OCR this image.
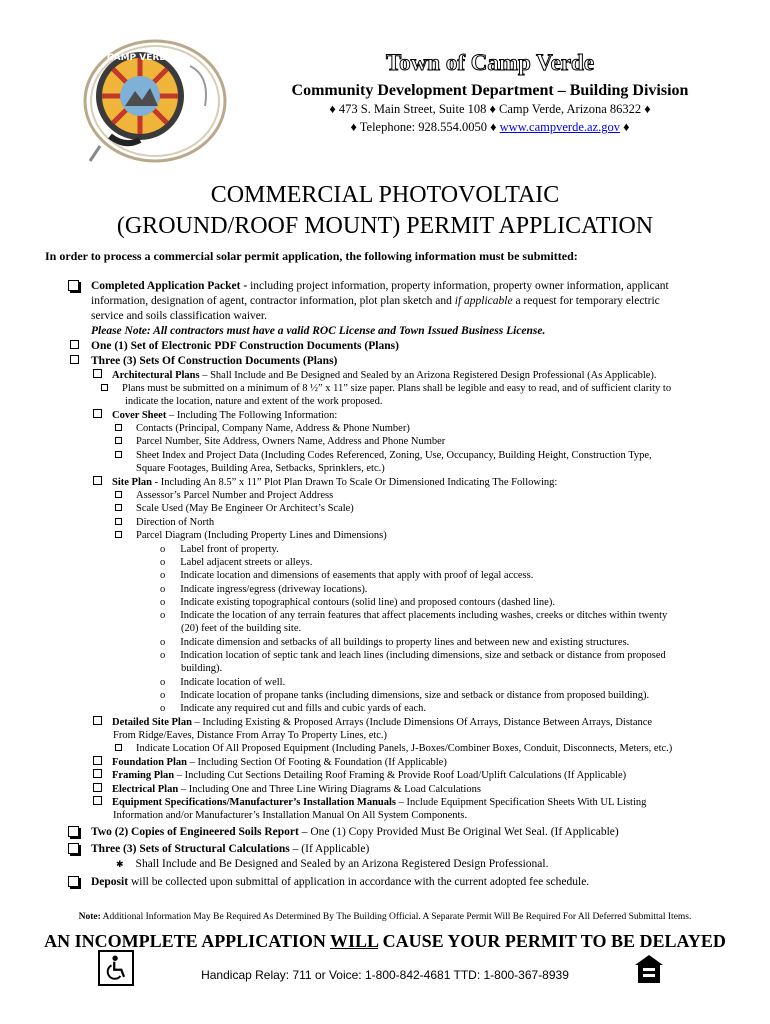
CAMP VERDE	Town of Camp Verde
Community Development Department – Building Division
♦ 473 S. Main Street, Suite 108 ♦ Camp Verde, Arizona 86322 ♦
♦ Telephone: 928.554.0050 ♦ www.campverde.az.gov ♦
COMMERCIAL PHOTOVOLTAIC
(GROUND/ROOF MOUNT) PERMIT APPLICATION
In order to process a commercial solar permit application, the following information must be submitted:
Completed Application Packet - including project information, property information, property owner information, applicant
information, designation of agent, contractor information, plot plan sketch and if applicable a request for temporary electric
service and soils classification waiver.
Please Note: All contractors must have a valid ROC License and Town Issued Business License.
One (1) Set of Electronic PDF Construction Documents (Plans)
Three (3) Sets Of Construction Documents (Plans)
Architectural Plans – Shall Include and Be Designed and Sealed by an Arizona Registered Design Professional (As Applicable).
Plans must be submitted on a minimum of 8 ½” x 11” size paper. Plans shall be legible and easy to read, and of sufficient clarity to
indicate the location, nature and extent of the work proposed.
Cover Sheet – Including The Following Information:
Contacts (Principal, Company Name, Address & Phone Number)
Parcel Number, Site Address, Owners Name, Address and Phone Number
Sheet Index and Project Data (Including Codes Referenced, Zoning, Use, Occupancy, Building Height, Construction Type,
Square Footages, Building Area, Setbacks, Sprinklers, etc.)
Site Plan - Including An 8.5” x 11” Plot Plan Drawn To Scale Or Dimensioned Indicating The Following:
Assessor’s Parcel Number and Project Address
Scale Used (May Be Engineer Or Architect’s Scale)
Direction of North
Parcel Diagram (Including Property Lines and Dimensions)
o Label front of property.
o Label adjacent streets or alleys.
o Indicate location and dimensions of easements that apply with proof of legal access.
o Indicate ingress/egress (driveway locations).
o Indicate existing topographical contours (solid line) and proposed contours (dashed line).
o Indicate the location of any terrain features that affect placements including washes, creeks or ditches within twenty
(20) feet of the building site.
o Indicate dimension and setbacks of all buildings to property lines and between new and existing structures.
o Indication location of septic tank and leach lines (including dimensions, size and setback or distance from proposed
building).
o Indicate location of well.
o Indicate location of propane tanks (including dimensions, size and setback or distance from proposed building).
o Indicate any required cut and fills and cubic yards of each.
Detailed Site Plan – Including Existing & Proposed Arrays (Include Dimensions Of Arrays, Distance Between Arrays, Distance
From Ridge/Eaves, Distance From Array To Property Lines, etc.)
Indicate Location Of All Proposed Equipment (Including Panels, J-Boxes/Combiner Boxes, Conduit, Disconnects, Meters, etc.)
Foundation Plan – Including Section Of Footing & Foundation (If Applicable)
Framing Plan – Including Cut Sections Detailing Roof Framing & Provide Roof Load/Uplift Calculations (If Applicable)
Electrical Plan – Including One and Three Line Wiring Diagrams & Load Calculations
Equipment Specifications/Manufacturer’s Installation Manuals – Include Equipment Specification Sheets With UL Listing
Information and/or Manufacturer’s Installation Manual On All System Components.
Two (2) Copies of Engineered Soils Report – One (1) Copy Provided Must Be Original Wet Seal. (If Applicable)
Three (3) Sets of Structural Calculations – (If Applicable)
✱ Shall Include and Be Designed and Sealed by an Arizona Registered Design Professional.
Deposit will be collected upon submittal of application in accordance with the current adopted fee schedule.
Note: Additional Information May Be Required As Determined By The Building Official. A Separate Permit Will Be Required For All Deferred Submittal Items.
AN INCOMPLETE APPLICATION WILL CAUSE YOUR PERMIT TO BE DELAYED
Handicap Relay: 711 or Voice: 1-800-842-4681 TTD: 1-800-367-8939
